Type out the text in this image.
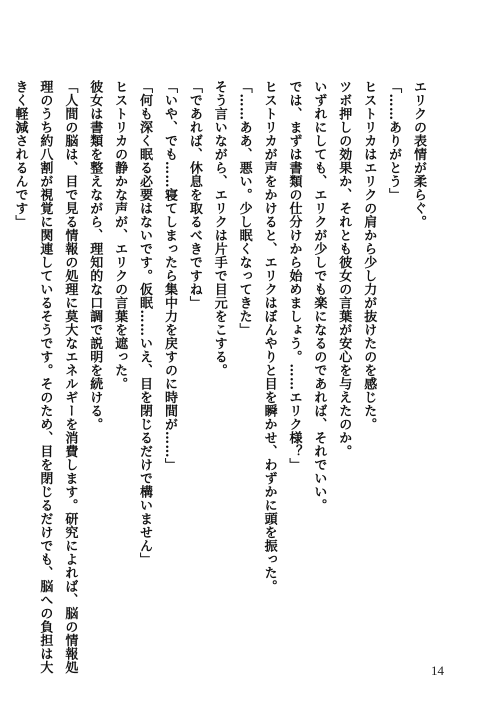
エリクの表情が柔らぐ。
「……ありがとう」
ヒストリカはエリクの肩から少し力が抜けたのを感じた。
ツボ押しの効果か、それとも彼女の言葉が安心を与えたのか。
いずれにしても、エリクが少しでも楽になるのであれば、それでいい。
では、まずは書類の仕分けから始めましょう。……エリク様？」
ヒストリカが声をかけると、エリクはぼんやりと目を瞬かせ、わずかに頭を振った。
「……ああ、悪い。少し眠くなってきた」
そう言いながら、エリクは片手で目元をこする。
「であれば、休息を取るべきですね」
「いや、でも……寝てしまったら集中力を戻すのに時間が……」
「何も深く眠る必要はないです。仮眠……いえ、目を閉じるだけで構いません」
ヒストリカの静かな声が、エリクの言葉を遮った。
彼女は書類を整えながら、理知的な口調で説明を続ける。
「人間の脳は、目で見る情報の処理に莫大なエネルギーを消費します。研究によれば、脳の情報処
理のうち約八割が視覚に関連しているそうです。そのため、目を閉じるだけでも、脳への負担は大
きく軽減されるんです」
14
